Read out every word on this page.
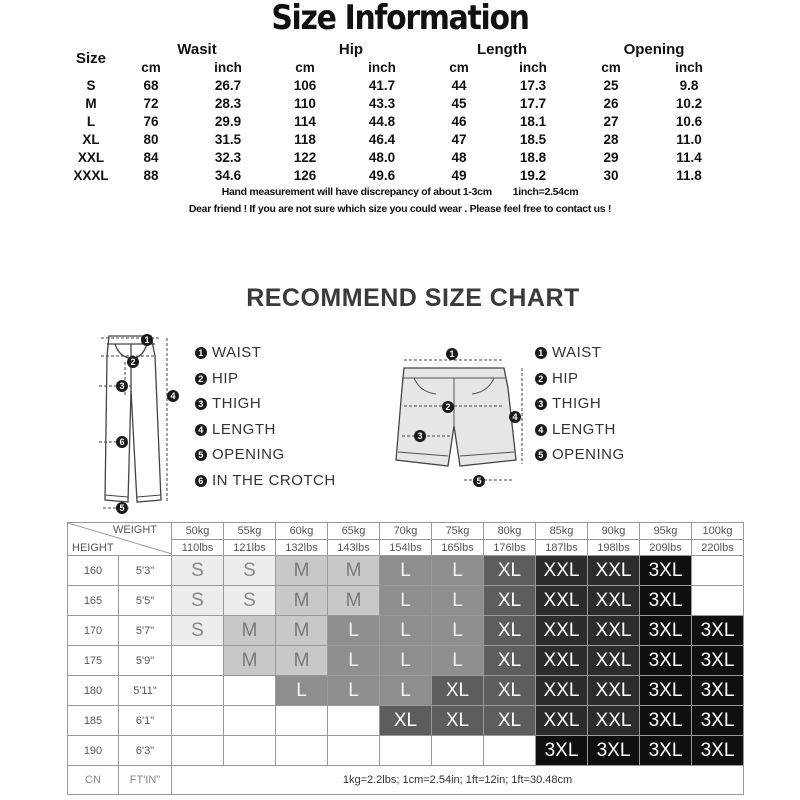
Size Information
Size	Wasit		Hip		Length		Opening	
	cm	inch	cm	inch	cm	inch	cm	inch
S	68	26.7	106	41.7	44	17.3	25	9.8
M	72	28.3	110	43.3	45	17.7	26	10.2
L	76	29.9	114	44.8	46	18.1	27	10.6
XL	80	31.5	118	46.4	47	18.5	28	11.0
XXL	84	32.3	122	48.0	48	18.8	29	11.4
XXXL	88	34.6	126	49.6	49	19.2	30	11.8
Hand measurement will have discrepancy of about 1-3cm 1inch=2.54cm
Dear friend ! If you are not sure which size you could wear . Please feel free to contact us !
RECOMMEND SIZE CHART
1
2
3
4
6
5
1 WAIST
2 HIP
3 THIGH
4 LENGTH
5 OPENING
6 IN THE CROTCH
1
2
3
4
5
1 WAIST
2 HIP
3 THIGH
4 LENGTH
5 OPENING
WEIGHT
HEIGHT		50kg	55kg	60kg	65kg	70kg	75kg	80kg	85kg	90kg	95kg	100kg
		110lbs	121lbs	132lbs	143lbs	154lbs	165lbs	176lbs	187lbs	198lbs	209lbs	220lbs
160	5'3"	S	S	M	M	L	L	XL	XXL	XXL	3XL	
165	5'5"	S	S	M	M	L	L	XL	XXL	XXL	3XL	
170	5'7"	S	M	M	L	L	L	XL	XXL	XXL	3XL	3XL
175	5'9"		M	M	L	L	L	XL	XXL	XXL	3XL	3XL
180	5'11"			L	L	L	XL	XL	XXL	XXL	3XL	3XL
185	6'1"					XL	XL	XL	XXL	XXL	3XL	3XL
190	6'3"								3XL	3XL	3XL	3XL
CN	FT'IN"	1kg=2.2lbs; 1cm=2.54in; 1ft=12in; 1ft=30.48cm										
